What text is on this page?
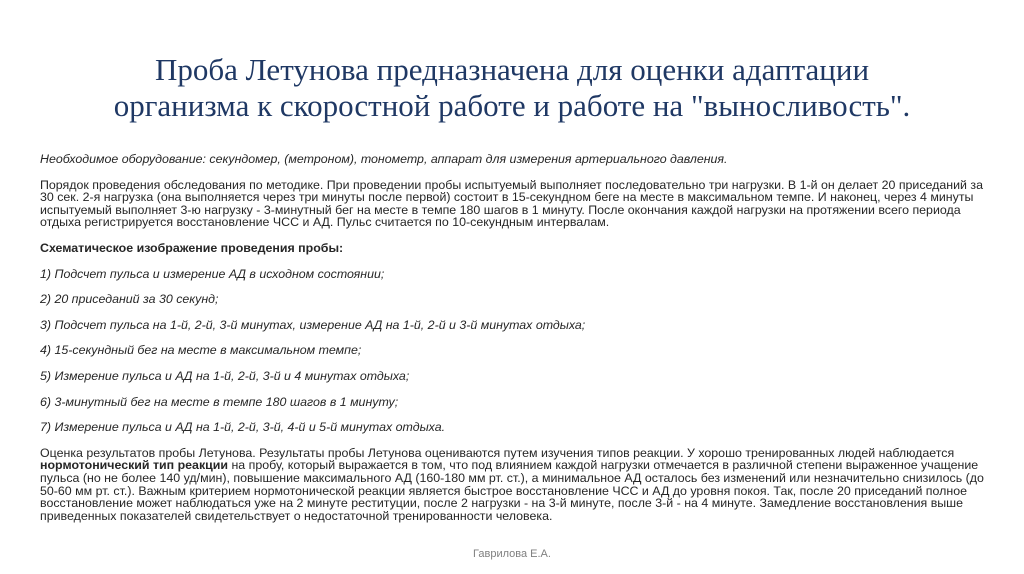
Проба Летунова предназначена для оценки адаптации
организма к скоростной работе и работе на "выносливость".

Необходимое оборудование: секундомер, (метроном), тонометр, аппарат для измерения артериального давления.

Порядок проведения обследования по методике. При проведении пробы испытуемый выполняет последовательно три нагрузки. В 1-й он делает 20 приседаний за 30 сек. 2-я нагрузка (она выполняется через три минуты после первой) состоит в 15-секундном беге на месте в максимальном темпе. И наконец, через 4 минуты испытуемый выполняет 3-ю нагрузку - 3-минутный бег на месте в темпе 180 шагов в 1 минуту. После окончания каждой нагрузки на протяжении всего периода отдыха регистрируется восстановление ЧСС и АД. Пульс считается по 10-секундным интервалам.

Схематическое изображение проведения пробы:

1) Подсчет пульса и измерение АД в исходном состоянии;

2) 20 приседаний за 30 секунд;

3) Подсчет пульса на 1-й, 2-й, 3-й минутах, измерение АД на 1-й, 2-й и 3-й минутах отдыха;

4) 15-секундный бег на месте в максимальном темпе;

5) Измерение пульса и АД на 1-й, 2-й, 3-й и 4 минутах отдыха;

6) 3-минутный бег на месте в темпе 180 шагов в 1 минуту;

7) Измерение пульса и АД на 1-й, 2-й, 3-й, 4-й и 5-й минутах отдыха.

Оценка результатов пробы Летунова. Результаты пробы Летунова оцениваются путем изучения типов реакции. У хорошо тренированных людей наблюдается нормотонический тип реакции на пробу, который выражается в том, что под влиянием каждой нагрузки отмечается в различной степени выраженное учащение пульса (но не более 140 уд/мин), повышение максимального АД (160-180 мм рт. ст.), а минимальное АД осталось без изменений или незначительно снизилось (до 50-60 мм рт. ст.). Важным критерием нормотонической реакции является быстрое восстановление ЧСС и АД до уровня покоя. Так, после 20 приседаний полное восстановление может наблюдаться уже на 2 минуте реституции, после 2 нагрузки - на 3-й минуте, после 3-й - на 4 минуте. Замедление восстановления выше приведенных показателей свидетельствует о недостаточной тренированности человека.

Гаврилова Е.А.
